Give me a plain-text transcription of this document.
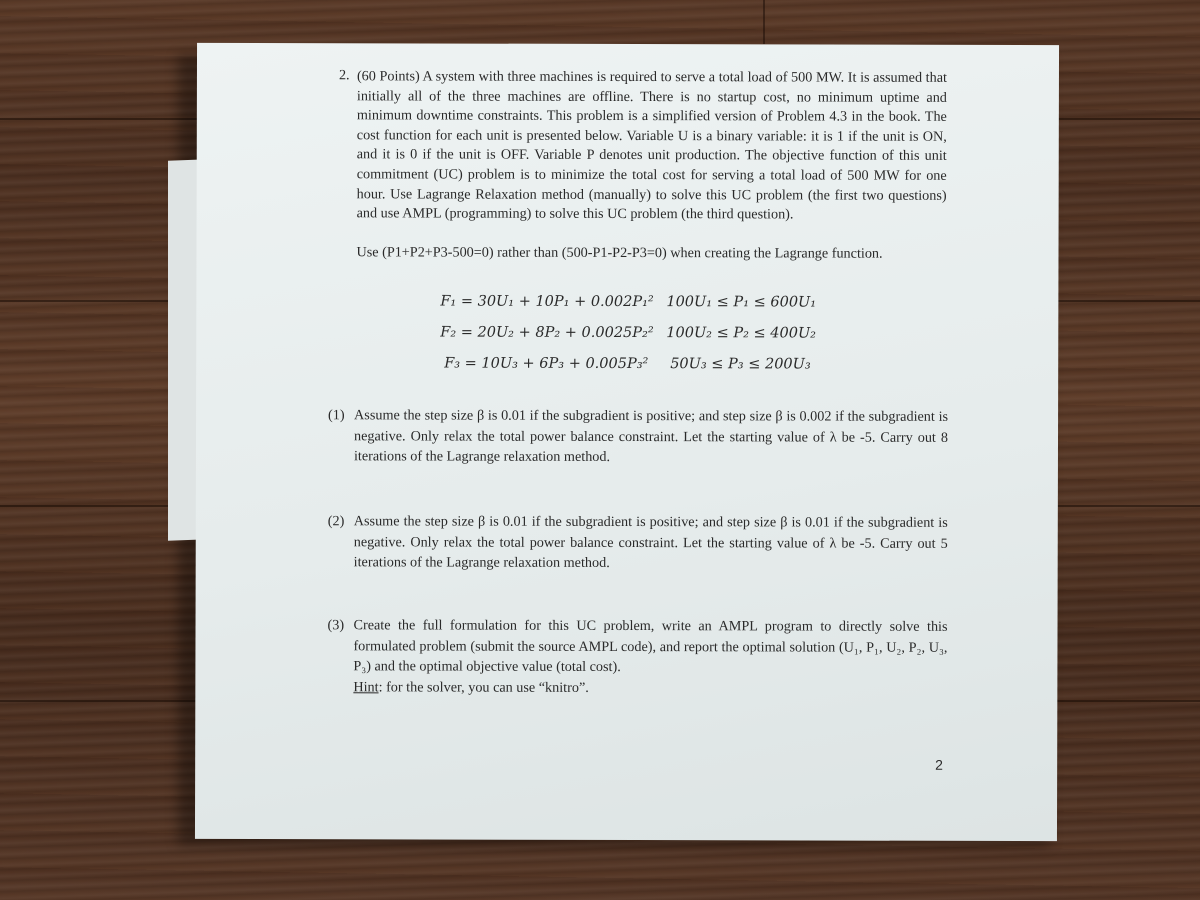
2. (60 Points) A system with three machines is required to serve a total load of 500 MW. It is assumed that initially all of the three machines are offline. There is no startup cost, no minimum uptime and minimum downtime constraints. This problem is a simplified version of Problem 4.3 in the book. The cost function for each unit is presented below. Variable U is a binary variable: it is 1 if the unit is ON, and it is 0 if the unit is OFF. Variable P denotes unit production. The objective function of this unit commitment (UC) problem is to minimize the total cost for serving a total load of 500 MW for one hour. Use Lagrange Relaxation method (manually) to solve this UC problem (the first two questions) and use AMPL (programming) to solve this UC problem (the third question).

Use (P1+P2+P3-500=0) rather than (500-P1-P2-P3=0) when creating the Lagrange function.

F₁ = 30U₁ + 10P₁ + 0.002P₁² 100U₁ ≤ P₁ ≤ 600U₁
F₂ = 20U₂ + 8P₂ + 0.0025P₂² 100U₂ ≤ P₂ ≤ 400U₂
F₃ = 10U₃ + 6P₃ + 0.005P₃² 50U₃ ≤ P₃ ≤ 200U₃
(1) Assume the step size β is 0.01 if the subgradient is positive; and step size β is 0.002 if the subgradient is negative. Only relax the total power balance constraint. Let the starting value of λ be -5. Carry out 8 iterations of the Lagrange relaxation method.
(2) Assume the step size β is 0.01 if the subgradient is positive; and step size β is 0.01 if the subgradient is negative. Only relax the total power balance constraint. Let the starting value of λ be -5. Carry out 5 iterations of the Lagrange relaxation method.
(3) Create the full formulation for this UC problem, write an AMPL program to directly solve this formulated problem (submit the source AMPL code), and report the optimal solution (U₁, P₁, U₂, P₂, U₃, P₃) and the optimal objective value (total cost).
Hint: for the solver, you can use “knitro”.
2
